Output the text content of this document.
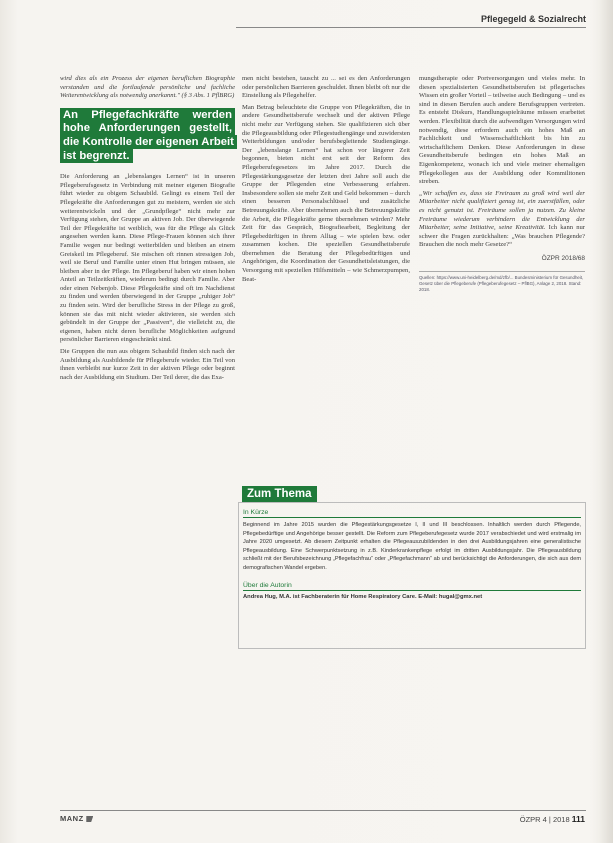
Pflegegeld & Sozialrecht

wird dies als ein Prozess der eigenen beruflichen Biographie verstanden und die fortlaufende persönliche und fachliche Weiterentwicklung als notwendig anerkannt." (§ 3 Abs. 1 PflBRG)

An Pflegefachkräfte werden hohe Anforderungen gestellt, die Kontrolle der eigenen Arbeit ist begrenzt.

Die Anforderung an „lebenslanges Lernen“ ist in unseren Pflegeberufsgesetz in Verbindung mit meiner eigenen Biografie führt wieder zu obigem Schaubild. Gelingt es einem Teil der Pflegekräfte die Anforderungen gut zu meistern, werden sie sich weiterentwickeln und der „Grundpflege“ nicht mehr zur Verfügung stehen, der Gruppe an aktiven Job. Der überwiegende Teil der Pflegekräfte ist weiblich, was für die Pflege als Glück angesehen werden kann. Diese Pflege-Frauen können sich ihrer Familie wegen nur bedingt weiterbilden und bleiben an einem Greiskeil im Pflegeberuf. Sie mischen oft rinnen stressigen Job, weil sie Beruf und Familie unter einen Hut bringen müssen, sie bleiben aber in der Pflege. Im Pflegeberuf haben wir einen hohen Anteil an Teilzeitkräften, wiederum bedingt durch Familie. Aber oder einen Nebenjob. Diese Pflegekräfte sind oft im Nachdienst zu finden und werden überwiegend in der Gruppe „ruhiger Job“ zu finden sein. Wird der berufliche Stress in der Pflege zu groß, können sie das mit nicht wieder aktivieren, sie werden sich gebündelt in der Gruppe der „Passiven“, die vielleicht zu, die eigenen, haben nicht deren berufliche Möglichkeiten aufgrund persönlicher Barrieren eingeschränkt sind.

Die Gruppen die nun aus obigem Schaubild finden sich nach der Ausbildung als Ausbildende für Pflegeberufe wieder. Ein Teil von ihnen verbleibt nur kurze Zeit in der aktiven Pflege oder beginnt nach der Ausbildung ein Studium. Der Teil derer, die das Exa-

men nicht bestehen, tauscht zu ... sei es den Anforderungen oder persönlichen Barrieren geschuldet. Ihnen bleibt oft nur die Einstellung als Pflegehelfer.

Man Betrag beleuchtete die Gruppe von Pflegekräften, die in andere Gesundheitsberufe wechselt und der aktiven Pflege nicht mehr zur Verfügung stehen. Sie qualifizieren sich über die Pflegeausbildung oder Pflegestudiengänge und zuwidersten Weiterbildungen und/oder berufsbegleitende Studiengänge. Der „lebenslange Lernen“ hat schon vor längerer Zeit begonnen, bieten nicht erst seit der Reform des Pflegeberufegesetzes im Jahre 2017. Durch die Pflegestärkungsgesetze der letzten drei Jahre soll auch die Gruppe der Pflegenden eine Verbesserung erfahren. Insbesondere sollen sie mehr Zeit und Geld bekommen – durch einen besseren Personalschlüssel und zusätzliche Betreuungskräfte. Aber übernehmen auch die Betreuungskräfte die Arbeit, die Pflegekräfte gerne übernehmen würden? Mehr Zeit für das Gespräch, Biografiearbeit, Begleitung der Pflegebedürftigen in ihrem Alltag – wie spielen bzw. oder zusammen kochen. Die speziellen Gesundheitsberufe übernehmen die Beratung der Pflegebedürftigen und Angehörigen, die Koordination der Gesundheitsleistungen, die Versorgung mit speziellen Hilfsmitteln – wie Schmerzpumpen, Beat-

mungstherapie oder Portversorgungen und vieles mehr. In diesen spezialisierten Gesundheitsberufen ist pflegerisches Wissen ein großer Vorteil – teilweise auch Bedingung – und es sind in diesen Berufen auch andere Berufsgruppen vertreten. Es entsteht Diskurs, Handlungsspielräume müssen erarbeitet werden. Flexibilität durch die aufwendigen Versorgungen wird notwendig, diese erfordern auch ein hohes Maß an Fachlichkeit und Wissenschaftlichkeit bis hin zu wirtschaftlichem Denken. Diese Anforderungen in diese Gesundheitsberufe bedingen ein hohes Maß an Eigenkompetenz, wonach ich und viele meiner ehemaligen Pflegekollegen aus der Ausbildung oder Kommilitonen streben.

„Wir schaffen es, dass sie Freiraum zu groß wird weil der Mitarbeiter nicht qualifiziert genug ist, ein zuerstfällen, oder es nicht genutzt ist. Freiräume sollen ja nutzen. Zu kleine Freiräume wiederum verhindern die Entwicklung der Mitarbeiter, seine Initiative, seine Kreativität. Ich kann nur schwer die Fragen zurückhalten: „Was brauchen Pflegende? Brauchen die noch mehr Gesetze?“

ÖZPR 2018/68
Quellen: https://www.uni-heidelberg.de/md/zfb/... Bundesministerium für Gesundheit, Gesetz über die Pflegeberufe (Pflegeberufegesetz – PflBG), Anlage 2, 2018. Stand: 2018.
Zum Thema
In Kürze
Beginnend im Jahre 2015 wurden die Pflegestärkungsgesetze I, II und III beschlossen. Inhaltlich werden durch Pflegende, Pflegebedürftige und Angehörige besser gestellt. Die Reform zum Pflegeberufegesetz wurde 2017 verabschiedet und wird erstmalig im Jahre 2020 umgesetzt. Ab diesem Zeitpunkt erhalten die Pflegeauszubildenden in den drei Ausbildungsjahren eine generalistische Pflegeausbildung. Eine Schwerpunktsetzung in z.B. Kinderkrankenpflege erfolgt im dritten Ausbildungsjahr. Die Pflegeausbildung schließt mit der Berufsbezeichnung „Pflegefachfrau“ oder „Pflegefachmann“ ab und berücksichtigt die Anforderungen, die sich aus dem demografischen Wandel ergeben.
Über die Autorin
Andrea Hug, M.A. ist Fachberaterin für Home Respiratory Care. E-Mail: hugal@gmx.net
MANZ	ÖZPR 4 | 2018 111
